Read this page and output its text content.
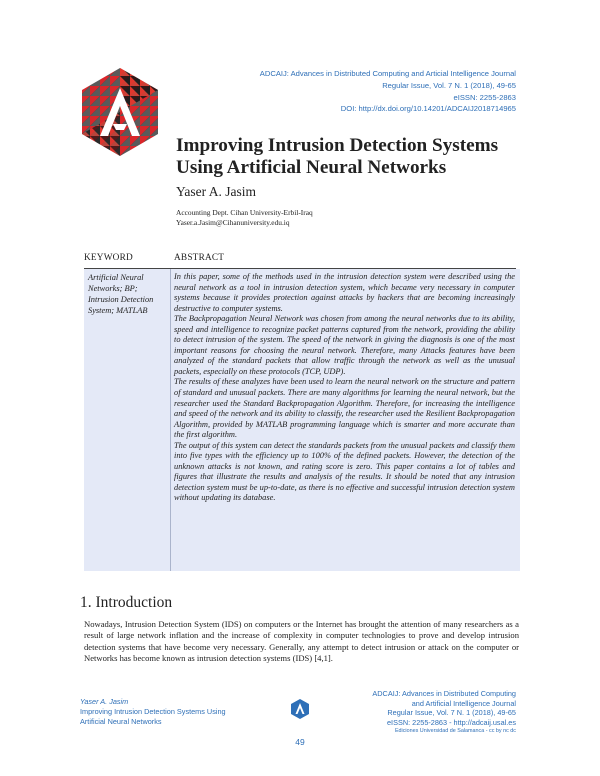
ADCAIJ: Advances in Distributed Computing and Articial Intelligence Journal
Regular Issue, Vol. 7 N. 1 (2018), 49-65
eISSN: 2255-2863
DOI: http://dx.doi.org/10.14201/ADCAIJ2018714965
Improving Intrusion Detection Systems Using Artificial Neural Networks
Yaser A. Jasim
Accounting Dept. Cihan University-Erbil-Iraq
Yaser.a.Jasim@Cihanuniversity.edu.iq
KEYWORD	ABSTRACT
Artificial Neural Networks; BP; Intrusion Detection System; MATLAB

In this paper, some of the methods used in the intrusion detection system were described using the neural network as a tool in intrusion detection system, which became very necessary in computer systems because it provides protection against attacks by hackers that are becoming increasingly destructive to computer systems.

The Backpropagation Neural Network was chosen from among the neural networks due to its ability, speed and intelligence to recognize packet patterns captured from the network, providing the ability to detect intrusion of the system. The speed of the network in giving the diagnosis is one of the most important reasons for choosing the neural network. Therefore, many Attacks features have been analyzed of the standard packets that allow traffic through the network as well as the unusual packets, especially on these protocols (TCP, UDP).

The results of these analyzes have been used to learn the neural network on the structure and pattern of standard and unusual packets. There are many algorithms for learning the neural network, but the researcher used the Standard Backpropagation Algorithm. Therefore, for increasing the intelligence and speed of the network and its ability to classify, the researcher used the Resilient Backpropagation Algorithm, provided by MATLAB programming language which is smarter and more accurate than the first algorithm.

The output of this system can detect the standards packets from the unusual packets and classify them into five types with the efficiency up to 100% of the defined packets. However, the detection of the unknown attacks is not known, and rating score is zero. This paper contains a lot of tables and figures that illustrate the results and analysis of the results. It should be noted that any intrusion detection system must be up-to-date, as there is no effective and successful intrusion detection system without updating its database.

1. Introduction

Nowadays, Intrusion Detection System (IDS) on computers or the Internet has brought the attention of many researchers as a result of large network inflation and the increase of complexity in computer technologies to prove and develop intrusion detection systems that have become very necessary. Generally, any attempt to detect intrusion or attack on the computer or Networks has become known as intrusion detection systems (IDS) [4,1].

Yaser A. Jasim
Improving Intrusion Detection Systems Using
Artificial Neural Networks
ADCAIJ: Advances in Distributed Computing
and Artificial Intelligence Journal
Regular Issue, Vol. 7 N. 1 (2018), 49-65
eISSN: 2255-2863 - http://adcaij.usal.es
Ediciones Universidad de Salamanca - cc by nc dc
49
